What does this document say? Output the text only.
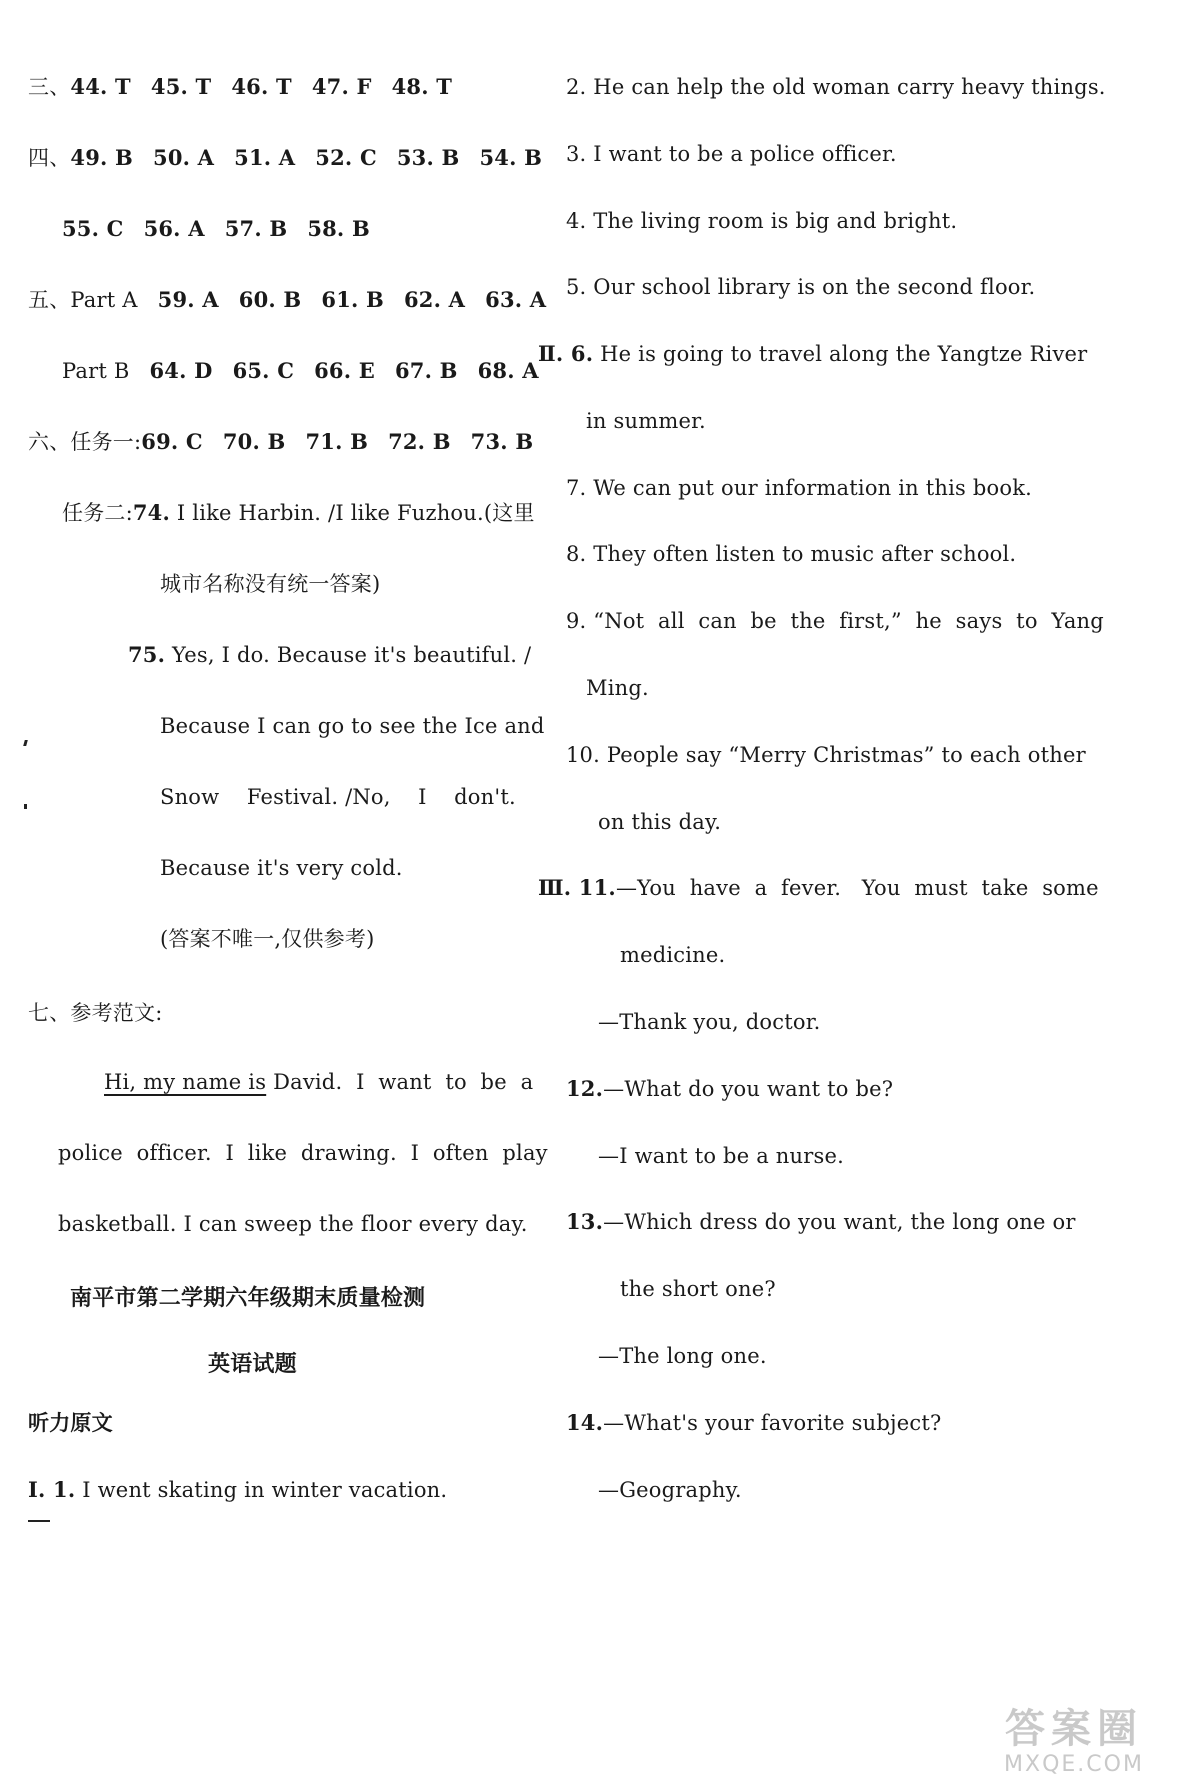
三、44. T 45. T 46. T 47. F 48. T
四、49. B 50. A 51. A 52. C 53. B 54. B
55. C 56. A 57. B 58. B
五、Part A 59. A 60. B 61. B 62. A 63. A
Part B 64. D 65. C 66. E 67. B 68. A
六、任务一:69. C 70. B 71. B 72. B 73. B
任务二:74. I like Harbin. /I like Fuzhou.(这里
城市名称没有统一答案)
75. Yes, I do. Because it's beautiful. /
Because I can go to see the Ice and
Snow    Festival. /No,    I    don't.
Because it's very cold.
(答案不唯一,仅供参考)
七、参考范文:
Hi, my name is David.  I  want  to  be  a
police  officer.  I  like  drawing.  I  often  play
basketball. I can sweep the floor every day.
南平市第二学期六年级期末质量检测
英语试题
听力原文
Ⅰ. 1. I went skating in winter vacation.
2. He can help the old woman carry heavy things.
3. I want to be a police officer.
4. The living room is big and bright.
5. Our school library is on the second floor.
Ⅱ. 6. He is going to travel along the Yangtze River
in summer.
7. We can put our information in this book.
8. They often listen to music after school.
9. “Not  all  can  be  the  first,”  he  says  to  Yang
Ming.
10. People say “Merry Christmas” to each other
on this day.
Ⅲ. 11.—You  have  a  fever.   You  must  take  some
medicine.
—Thank you, doctor.
12.—What do you want to be?
—I want to be a nurse.
13.—Which dress do you want, the long one or
the short one?
—The long one.
14.—What's your favorite subject?
—Geography.
答案圈
MXQE.COM
